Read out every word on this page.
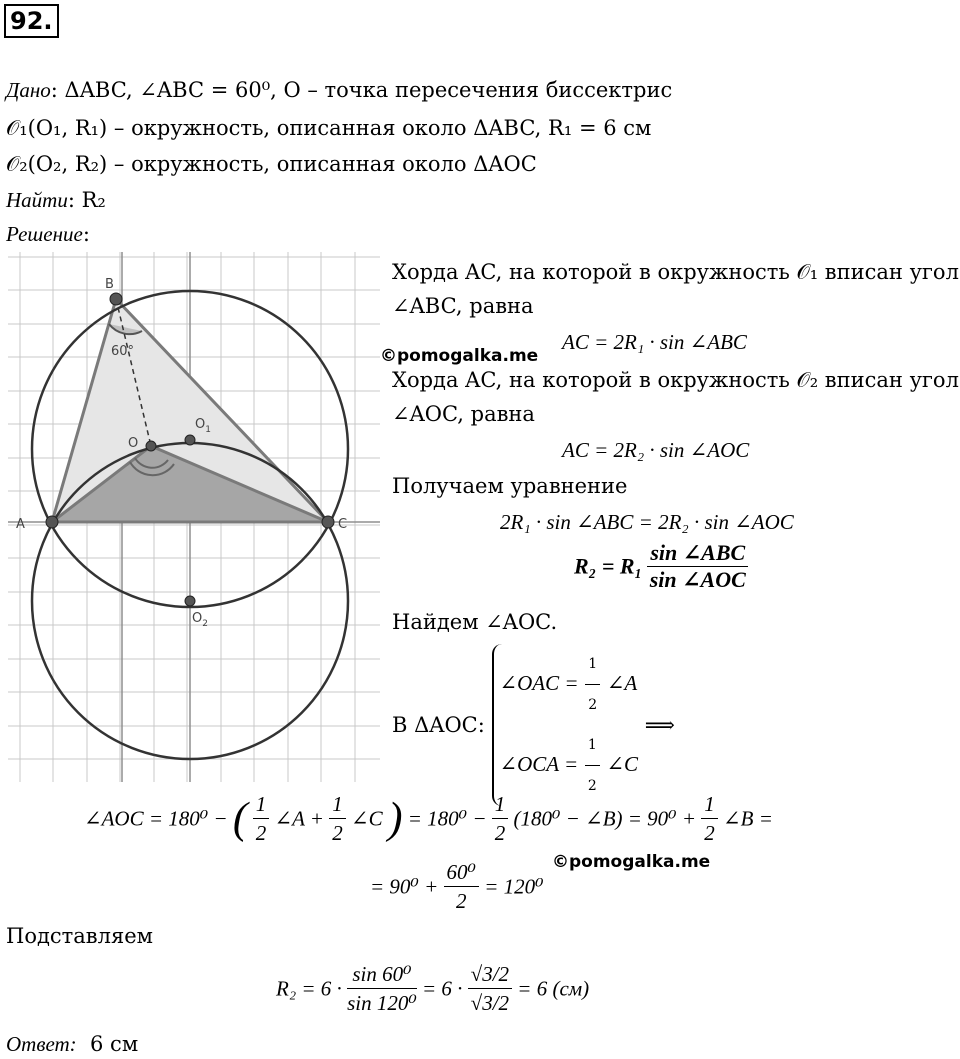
92.
Дано: ΔABC, ∠ABC = 60⁰, O – точка пересечения биссектрис
𝒪₁(O₁, R₁) – окружность, описанная около ΔABC, R₁ = 6 см
𝒪₂(O₂, R₂) – окружность, описанная около ΔAOC
Найти: R₂
Решение:
B
A	C
O
$O_1$
$O_2$
60°
Хорда AC, на которой в окружность 𝒪₁ вписан угол
∠ABC, равна
AC = 2R₁ · sin ∠ABC
©pomogalka.me
Хорда AC, на которой в окружность 𝒪₂ вписан угол
∠AOC, равна
AC = 2R₂ · sin ∠AOC
Получаем уравнение
2R₁ · sin ∠ABC = 2R₂ · sin ∠AOC
$R_2 = R_1 \frac{\text{sin ∠ABC}}{\text{sin ∠AOC}}$
Найдем ∠AOC.
В ΔAOC:
∠OAC = $\frac{1}{2}$ ∠A
∠OCA = $\frac{1}{2}$ ∠C
⟹
∠AOC = 180⁰ − ( $\frac{1}{2}$ ∠A + $\frac{1}{2}$ ∠C ) = $180^0 - \frac{1}{2} (180^0$ − ∠B) = $90^0 + \frac{1}{2}$ ∠B =
©pomogalka.me
= $90^0 + \frac{\text{60⁰}}{2} = 120^0$
Подставляем
$R_2 = 6 \cdot \frac{\text{sin 60⁰}}{\text{sin 120⁰}} = 6 \cdot \frac{√3/2}{√3/2} = 6$ (см)
Ответ: 6 см
